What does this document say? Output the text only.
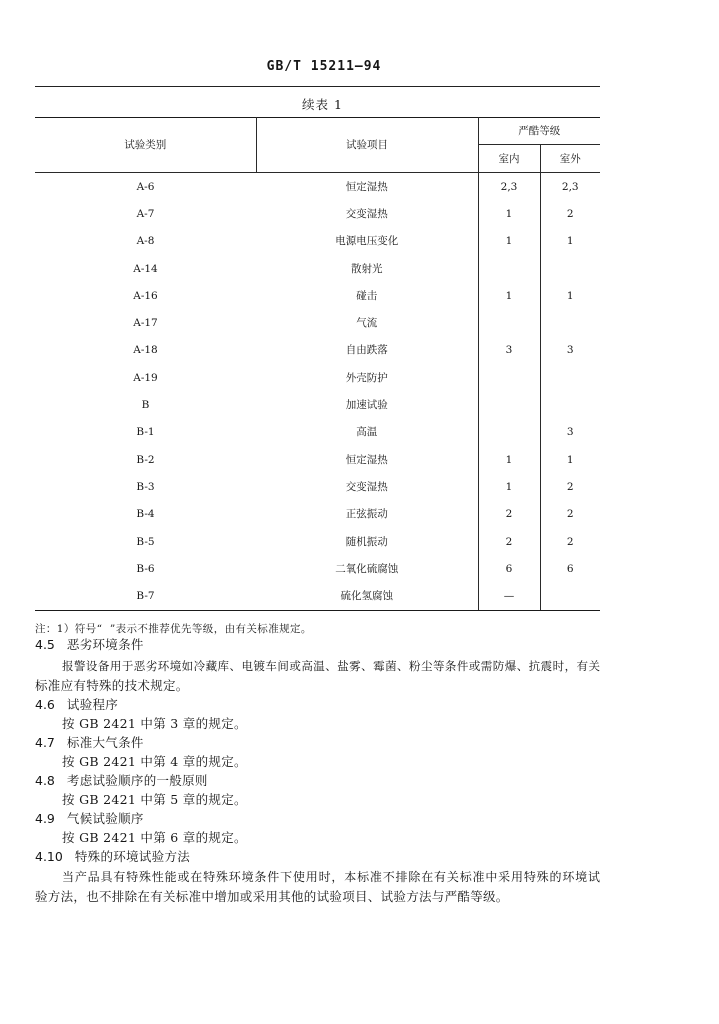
GB/T 15211—94
续表 1
试验类别	试验项目	严酷等级	
		室内	室外
A-6	恒定湿热	2,3	2,3
A-7	交变湿热	1	2
A-8	电源电压变化	1	1
A-14	散射光		
A-16	碰击	1	1
A-17	气流		
A-18	自由跌落	3	3
A-19	外壳防护		
B	加速试验		
B-1	高温		3
B-2	恒定湿热	1	1
B-3	交变湿热	1	2
B-4	正弦振动	2	2
B-5	随机振动	2	2
B-6	二氧化硫腐蚀	6	6
B-7	硫化氢腐蚀	—	
注：1）符号“  ”表示不推荐优先等级，由有关标准规定。
4.5 恶劣环境条件
报警设备用于恶劣环境如冷藏库、电镀车间或高温、盐雾、霉菌、粉尘等条件或需防爆、抗震时，有关
标准应有特殊的技术规定。
4.6 试验程序
按 GB 2421 中第 3 章的规定。
4.7 标准大气条件
按 GB 2421 中第 4 章的规定。
4.8 考虑试验顺序的一般原则
按 GB 2421 中第 5 章的规定。
4.9 气候试验顺序
按 GB 2421 中第 6 章的规定。
4.10 特殊的环境试验方法
当产品具有特殊性能或在特殊环境条件下使用时，本标准不排除在有关标准中采用特殊的环境试
验方法，也不排除在有关标准中增加或采用其他的试验项目、试验方法与严酷等级。
